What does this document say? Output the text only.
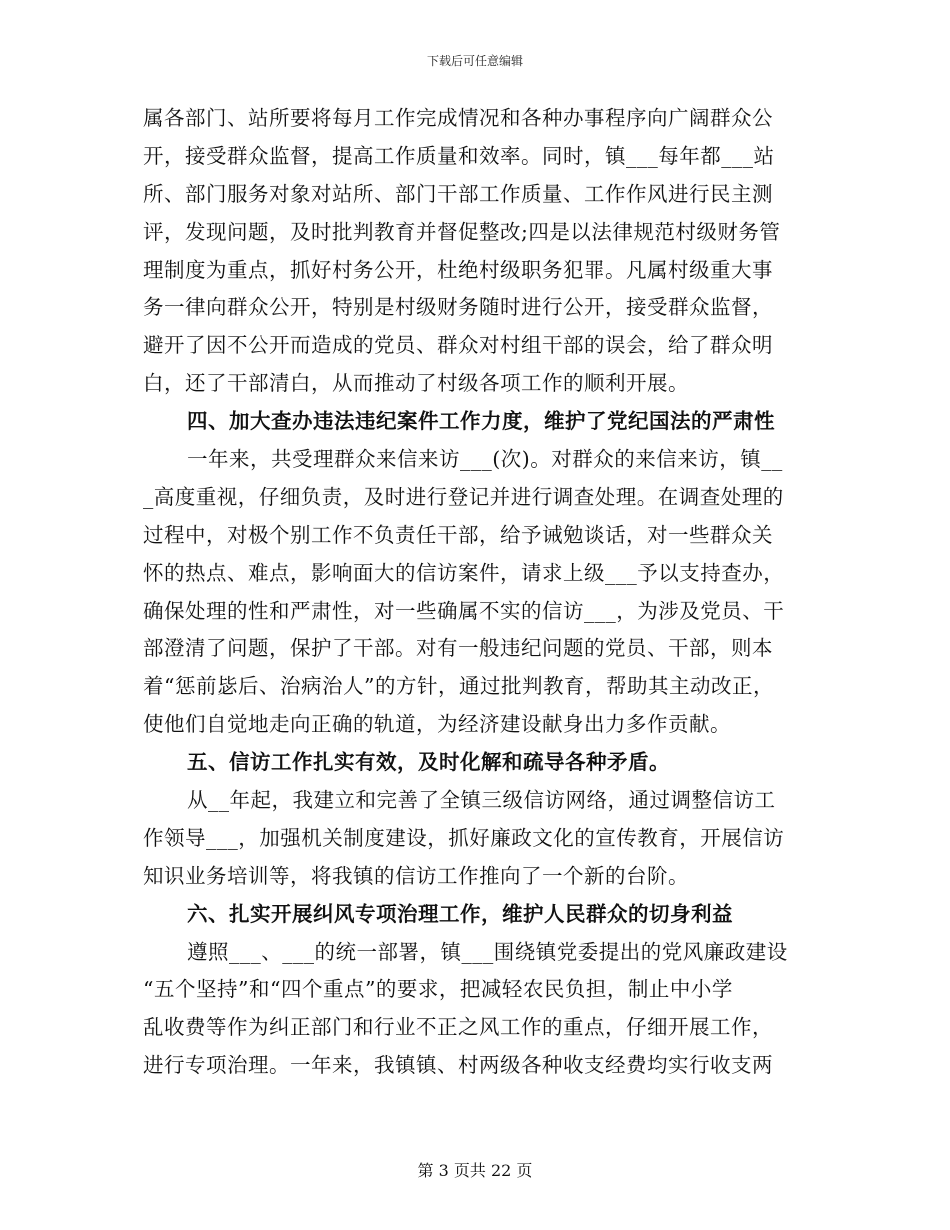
下载后可任意编辑
属各部门、站所要将每月工作完成情况和各种办事程序向广阔群众公
开，接受群众监督，提高工作质量和效率。同时，镇___每年都___站
所、部门服务对象对站所、部门干部工作质量、工作作风进行民主测
评，发现问题，及时批判教育并督促整改;四是以法律规范村级财务管
理制度为重点，抓好村务公开，杜绝村级职务犯罪。凡属村级重大事
务一律向群众公开，特别是村级财务随时进行公开，接受群众监督，
避开了因不公开而造成的党员、群众对村组干部的误会，给了群众明
白，还了干部清白，从而推动了村级各项工作的顺利开展。
四、加大查办违法违纪案件工作力度，维护了党纪国法的严肃性
一年来，共受理群众来信来访___(次)。对群众的来信来访，镇__
_高度重视，仔细负责，及时进行登记并进行调查处理。在调查处理的
过程中，对极个别工作不负责任干部，给予诫勉谈话，对一些群众关
怀的热点、难点，影响面大的信访案件，请求上级___予以支持查办，
确保处理的性和严肃性，对一些确属不实的信访___，为涉及党员、干
部澄清了问题，保护了干部。对有一般违纪问题的党员、干部，则本
着“惩前毖后、治病治人”的方针，通过批判教育，帮助其主动改正，
使他们自觉地走向正确的轨道，为经济建设献身出力多作贡献。
五、信访工作扎实有效，及时化解和疏导各种矛盾。
从__年起，我建立和完善了全镇三级信访网络，通过调整信访工
作领导___，加强机关制度建设，抓好廉政文化的宣传教育，开展信访
知识业务培训等，将我镇的信访工作推向了一个新的台阶。
六、扎实开展纠风专项治理工作，维护人民群众的切身利益
遵照___、___的统一部署，镇___围绕镇党委提出的党风廉政建设
“五个坚持”和“四个重点”的要求，把减轻农民负担，制止中小学
乱收费等作为纠正部门和行业不正之风工作的重点，仔细开展工作，
进行专项治理。一年来，我镇镇、村两级各种收支经费均实行收支两
第 3 页共 22 页
